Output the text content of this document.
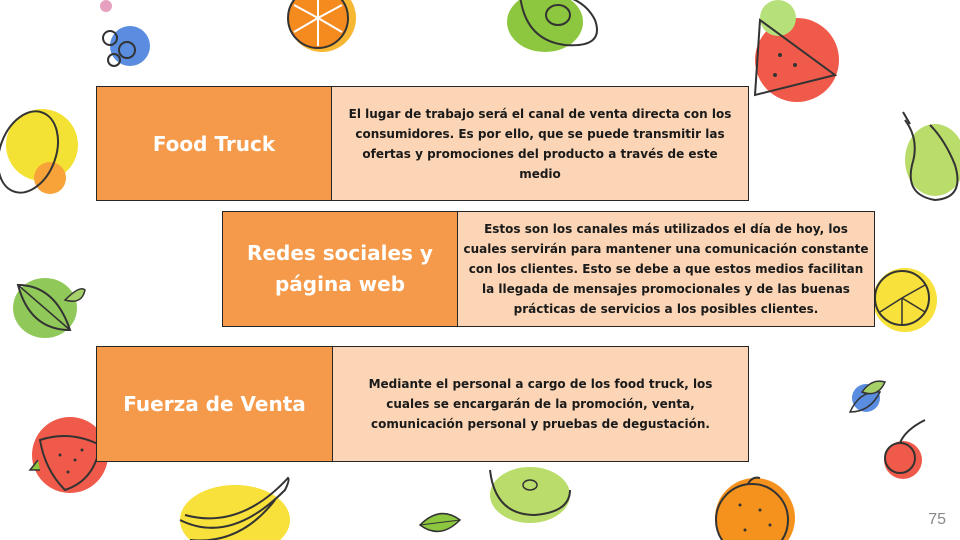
Food Truck
El lugar de trabajo será el canal de venta directa con los consumidores. Es por ello, que se puede transmitir las ofertas y promociones del producto a través de este medio
Redes sociales y página web
Estos son los canales más utilizados el día de hoy, los cuales servirán para mantener una comunicación constante con los clientes. Esto se debe a que estos medios facilitan la llegada de mensajes promocionales y de las buenas prácticas de servicios a los posibles clientes.
Fuerza de Venta
Mediante el personal a cargo de los food truck, los cuales se encargarán de la promoción, venta, comunicación personal y pruebas de degustación.
75
